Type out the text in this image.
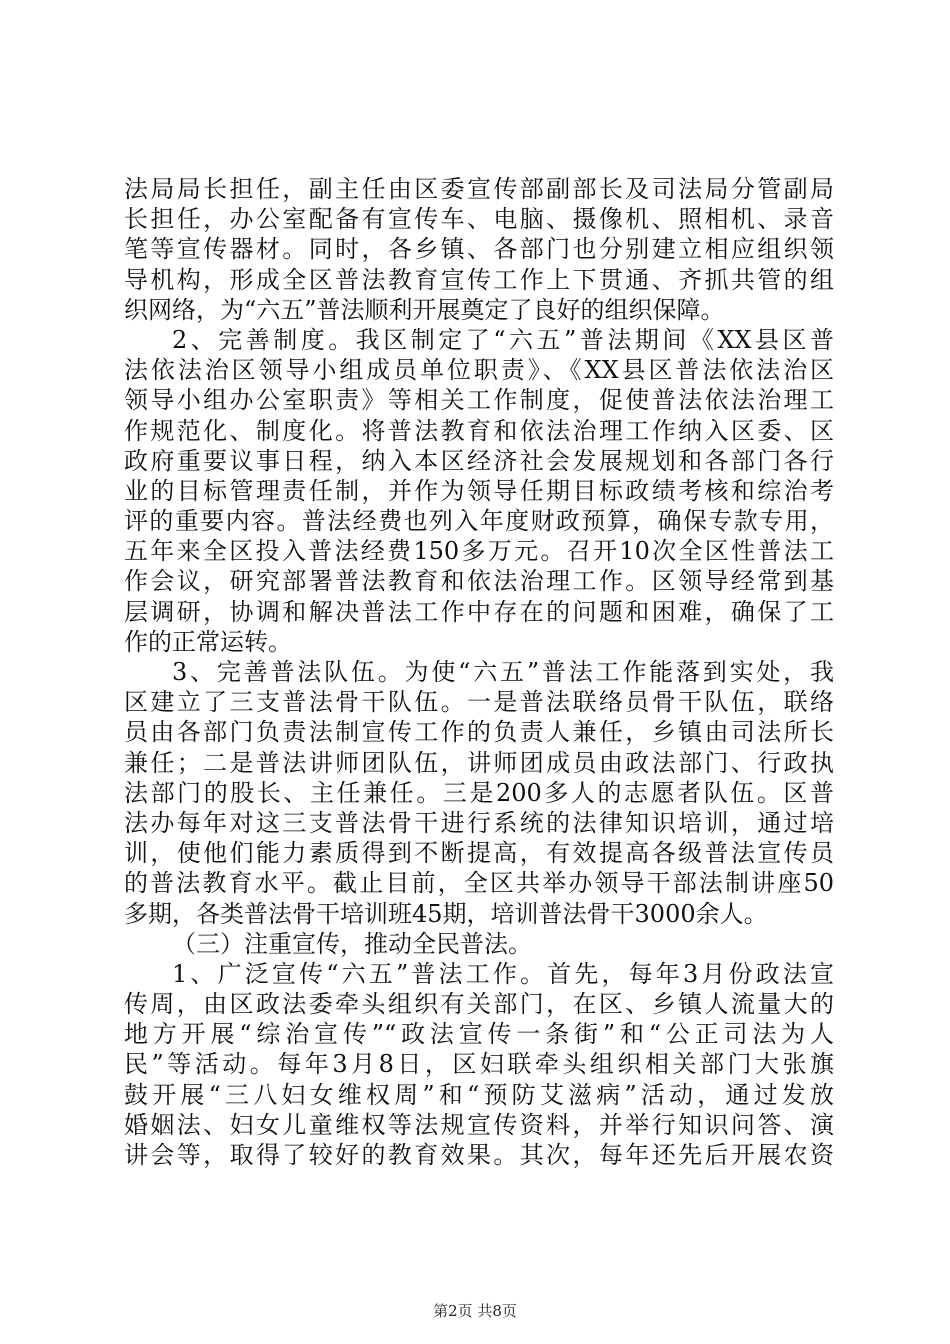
法局局长担任，副主任由区委宣传部副部长及司法局分管副局
长担任，办公室配备有宣传车、电脑、摄像机、照相机、录音
笔等宣传器材。同时，各乡镇、各部门也分别建立相应组织领
导机构，形成全区普法教育宣传工作上下贯通、齐抓共管的组
织网络，为“六五”普法顺利开展奠定了良好的组织保障。
2、完善制度。我区制定了“六五”普法期间《XX县区普
法依法治区领导小组成员单位职责》、《XX县区普法依法治区
领导小组办公室职责》等相关工作制度，促使普法依法治理工
作规范化、制度化。将普法教育和依法治理工作纳入区委、区
政府重要议事日程，纳入本区经济社会发展规划和各部门各行
业的目标管理责任制，并作为领导任期目标政绩考核和综治考
评的重要内容。普法经费也列入年度财政预算，确保专款专用，
五年来全区投入普法经费150多万元。召开10次全区性普法工
作会议，研究部署普法教育和依法治理工作。区领导经常到基
层调研，协调和解决普法工作中存在的问题和困难，确保了工
作的正常运转。
3、完善普法队伍。为使“六五”普法工作能落到实处，我
区建立了三支普法骨干队伍。一是普法联络员骨干队伍，联络
员由各部门负责法制宣传工作的负责人兼任，乡镇由司法所长
兼任；二是普法讲师团队伍，讲师团成员由政法部门、行政执
法部门的股长、主任兼任。三是200多人的志愿者队伍。区普
法办每年对这三支普法骨干进行系统的法律知识培训，通过培
训，使他们能力素质得到不断提高，有效提高各级普法宣传员
的普法教育水平。截止目前，全区共举办领导干部法制讲座50
多期，各类普法骨干培训班45期，培训普法骨干3000余人。
（三）注重宣传，推动全民普法。
1、广泛宣传“六五”普法工作。首先，每年3月份政法宣
传周，由区政法委牵头组织有关部门，在区、乡镇人流量大的
地方开展“综治宣传”“政法宣传一条街”和“公正司法为人
民”等活动。每年3月8日，区妇联牵头组织相关部门大张旗
鼓开展“三八妇女维权周”和“预防艾滋病”活动，通过发放
婚姻法、妇女儿童维权等法规宣传资料，并举行知识问答、演
讲会等，取得了较好的教育效果。其次，每年还先后开展农资
第2页 共8页
